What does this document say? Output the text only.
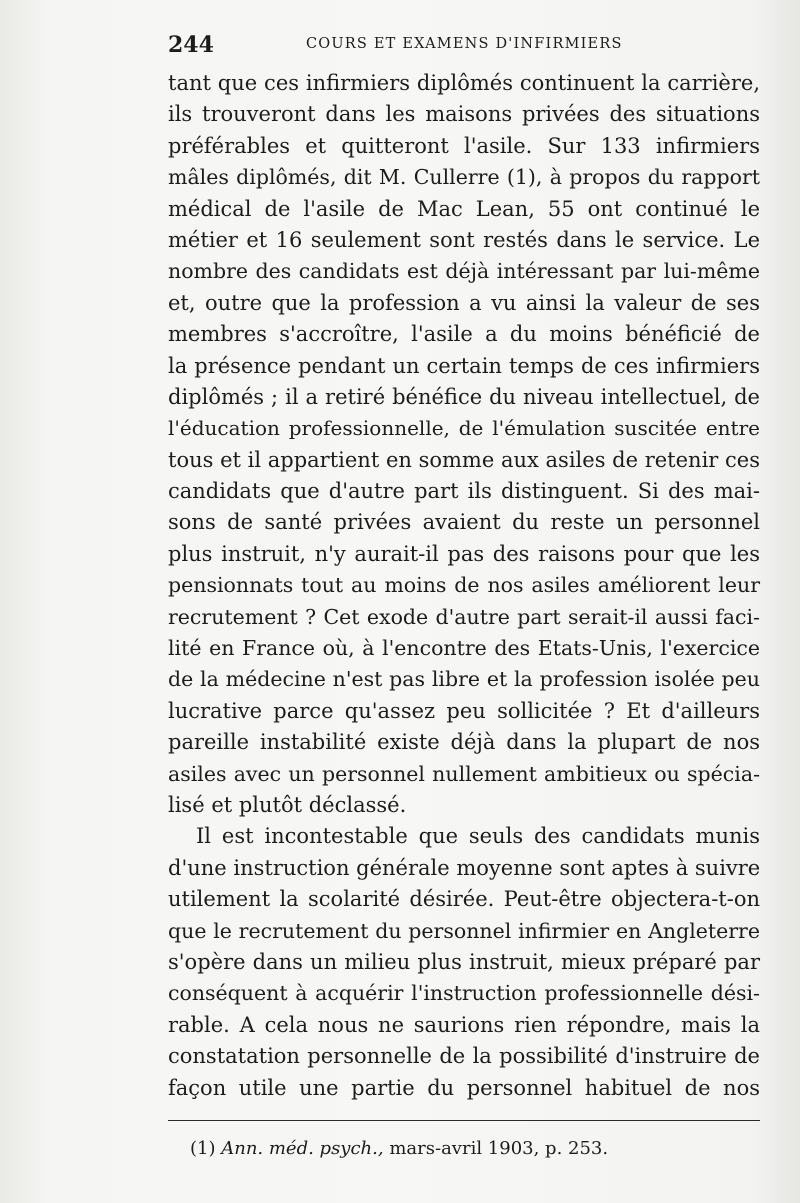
244	COURS ET EXAMENS D'INFIRMIERS
tant que ces infirmiers diplômés continuent la carrière,
ils trouveront dans les maisons privées des situations
préférables et quitteront l'asile. Sur 133 infirmiers
mâles diplômés, dit M. Cullerre (1), à propos du rapport
médical de l'asile de Mac Lean, 55 ont continué le
métier et 16 seulement sont restés dans le service. Le
nombre des candidats est déjà intéressant par lui-même
et, outre que la profession a vu ainsi la valeur de ses
membres s'accroître, l'asile a du moins bénéficié de
la présence pendant un certain temps de ces infirmiers
diplômés ; il a retiré bénéfice du niveau intellectuel, de
l'éducation professionnelle, de l'émulation suscitée entre
tous et il appartient en somme aux asiles de retenir ces
candidats que d'autre part ils distinguent. Si des mai-
sons de santé privées avaient du reste un personnel
plus instruit, n'y aurait-il pas des raisons pour que les
pensionnats tout au moins de nos asiles améliorent leur
recrutement ? Cet exode d'autre part serait-il aussi faci-
lité en France où, à l'encontre des Etats-Unis, l'exercice
de la médecine n'est pas libre et la profession isolée peu
lucrative parce qu'assez peu sollicitée ? Et d'ailleurs
pareille instabilité existe déjà dans la plupart de nos
asiles avec un personnel nullement ambitieux ou spécia-
lisé et plutôt déclassé.
Il est incontestable que seuls des candidats munis
d'une instruction générale moyenne sont aptes à suivre
utilement la scolarité désirée. Peut-être objectera-t-on
que le recrutement du personnel infirmier en Angleterre
s'opère dans un milieu plus instruit, mieux préparé par
conséquent à acquérir l'instruction professionnelle dési-
rable. A cela nous ne saurions rien répondre, mais la
constatation personnelle de la possibilité d'instruire de
façon utile une partie du personnel habituel de nos
(1) Ann. méd. psych., mars-avril 1903, p. 253.
